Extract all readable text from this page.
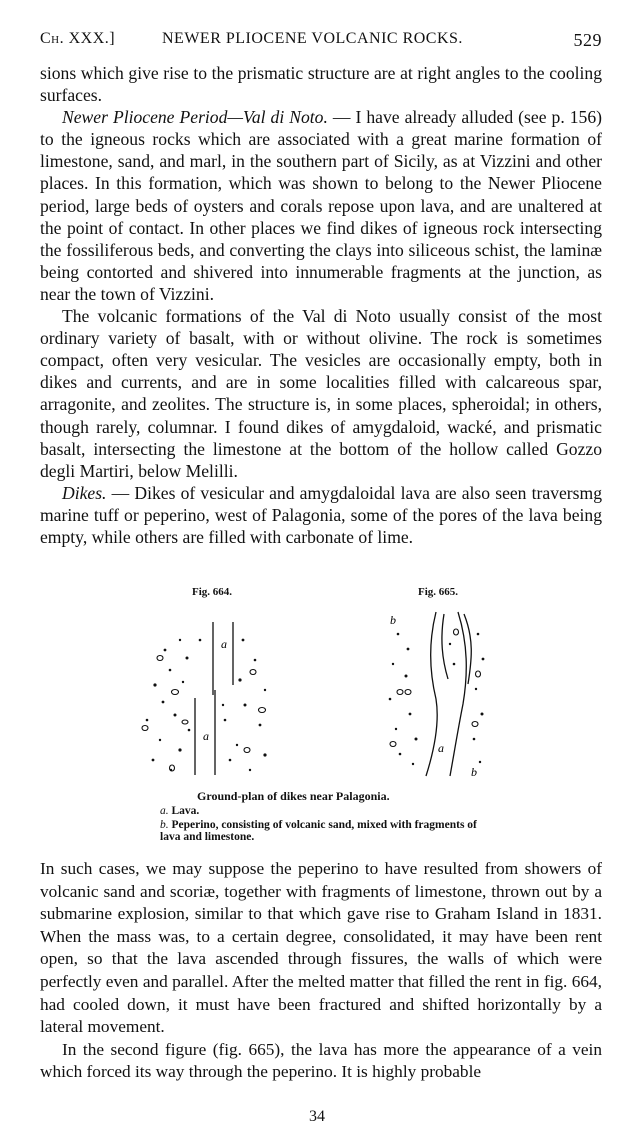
Ch. XXX.]	NEWER PLIOCENE VOLCANIC ROCKS.	529

sions which give rise to the prismatic structure are at right angles to the cooling surfaces.

Newer Pliocene Period—Val di Noto. — I have already alluded (see p. 156) to the igneous rocks which are associated with a great marine formation of limestone, sand, and marl, in the southern part of Sicily, as at Vizzini and other places. In this formation, which was shown to belong to the Newer Pliocene period, large beds of oysters and corals repose upon lava, and are unaltered at the point of contact. In other places we find dikes of igneous rock intersecting the fossiliferous beds, and converting the clays into siliceous schist, the laminæ being contorted and shivered into innumerable fragments at the junction, as near the town of Vizzini.

The volcanic formations of the Val di Noto usually consist of the most ordinary variety of basalt, with or without olivine. The rock is sometimes compact, often very vesicular. The vesicles are occasionally empty, both in dikes and currents, and are in some localities filled with calcareous spar, arragonite, and zeolites. The structure is, in some places, spheroidal; in others, though rarely, columnar. I found dikes of amygdaloid, wacké, and prismatic basalt, intersecting the limestone at the bottom of the hollow called Gozzo degli Martiri, below Melilli.

Dikes. — Dikes of vesicular and amygdaloidal lava are also seen traversmg marine tuff or peperino, west of Palagonia, some of the pores of the lava being empty, while others are filled with carbonate of lime.

Fig. 664.
a
a
Fig. 665.
b
a
b
Ground-plan of dikes near Palagonia.
a. Lava.
b. Peperino, consisting of volcanic sand, mixed with fragments of lava and limestone.

In such cases, we may suppose the peperino to have resulted from showers of volcanic sand and scoriæ, together with fragments of limestone, thrown out by a submarine explosion, similar to that which gave rise to Graham Island in 1831. When the mass was, to a certain degree, consolidated, it may have been rent open, so that the lava ascended through fissures, the walls of which were perfectly even and parallel. After the melted matter that filled the rent in fig. 664, had cooled down, it must have been fractured and shifted horizontally by a lateral movement.

In the second figure (fig. 665), the lava has more the appearance of a vein which forced its way through the peperino. It is highly probable

34
